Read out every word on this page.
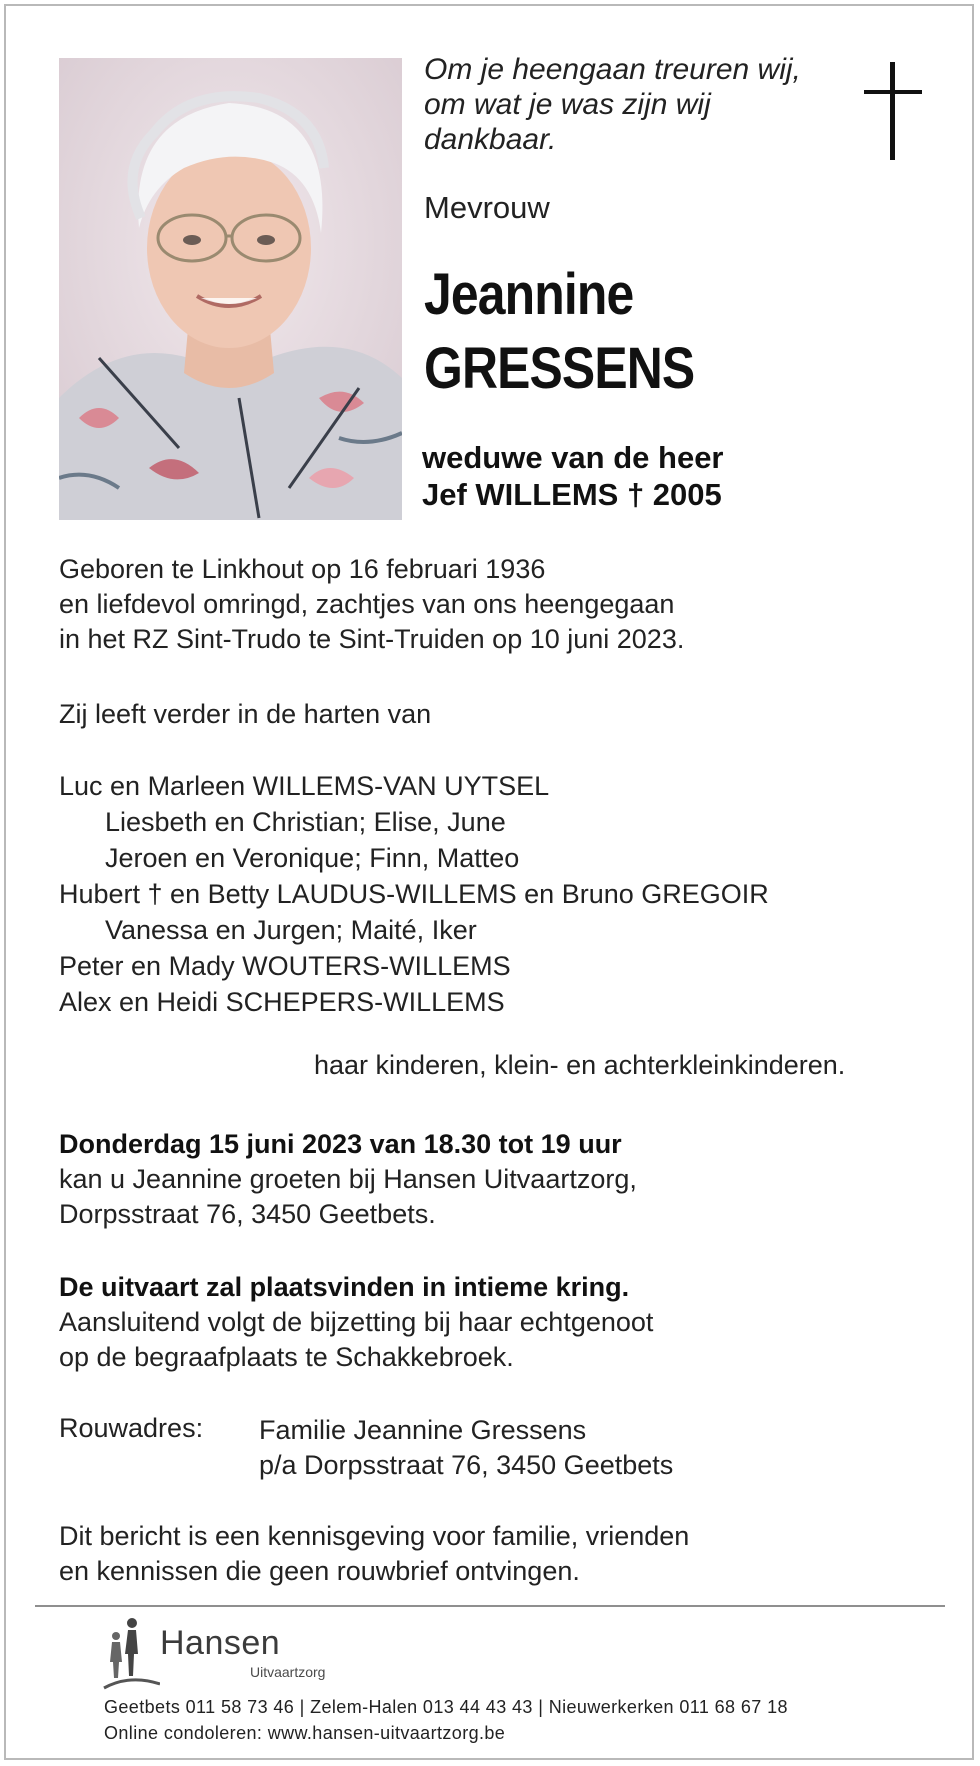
Om je heengaan treuren wij,
om wat je was zijn wij
dankbaar.
Mevrouw
Jeannine
GRESSENS
weduwe van de heer
Jef WILLEMS † 2005
Geboren te Linkhout op 16 februari 1936
en liefdevol omringd, zachtjes van ons heengegaan
in het RZ Sint-Trudo te Sint-Truiden op 10 juni 2023.
Zij leeft verder in de harten van
Luc en Marleen WILLEMS-VAN UYTSEL
Liesbeth en Christian; Elise, June
Jeroen en Veronique; Finn, Matteo
Hubert † en Betty LAUDUS-WILLEMS en Bruno GREGOIR
Vanessa en Jurgen; Maité, Iker
Peter en Mady WOUTERS-WILLEMS
Alex en Heidi SCHEPERS-WILLEMS
haar kinderen, klein- en achterkleinkinderen.
Donderdag 15 juni 2023 van 18.30 tot 19 uur
kan u Jeannine groeten bij Hansen Uitvaartzorg,
Dorpsstraat 76, 3450 Geetbets.
De uitvaart zal plaatsvinden in intieme kring.
Aansluitend volgt de bijzetting bij haar echtgenoot
op de begraafplaats te Schakkebroek.
Rouwadres: Familie Jeannine Gressens
p/a Dorpsstraat 76, 3450 Geetbets
Dit bericht is een kennisgeving voor familie, vrienden
en kennissen die geen rouwbrief ontvingen.
Hansen
Uitvaartzorg
Geetbets 011 58 73 46 | Zelem-Halen 013 44 43 43 | Nieuwerkerken 011 68 67 18
Online condoleren: www.hansen-uitvaartzorg.be
